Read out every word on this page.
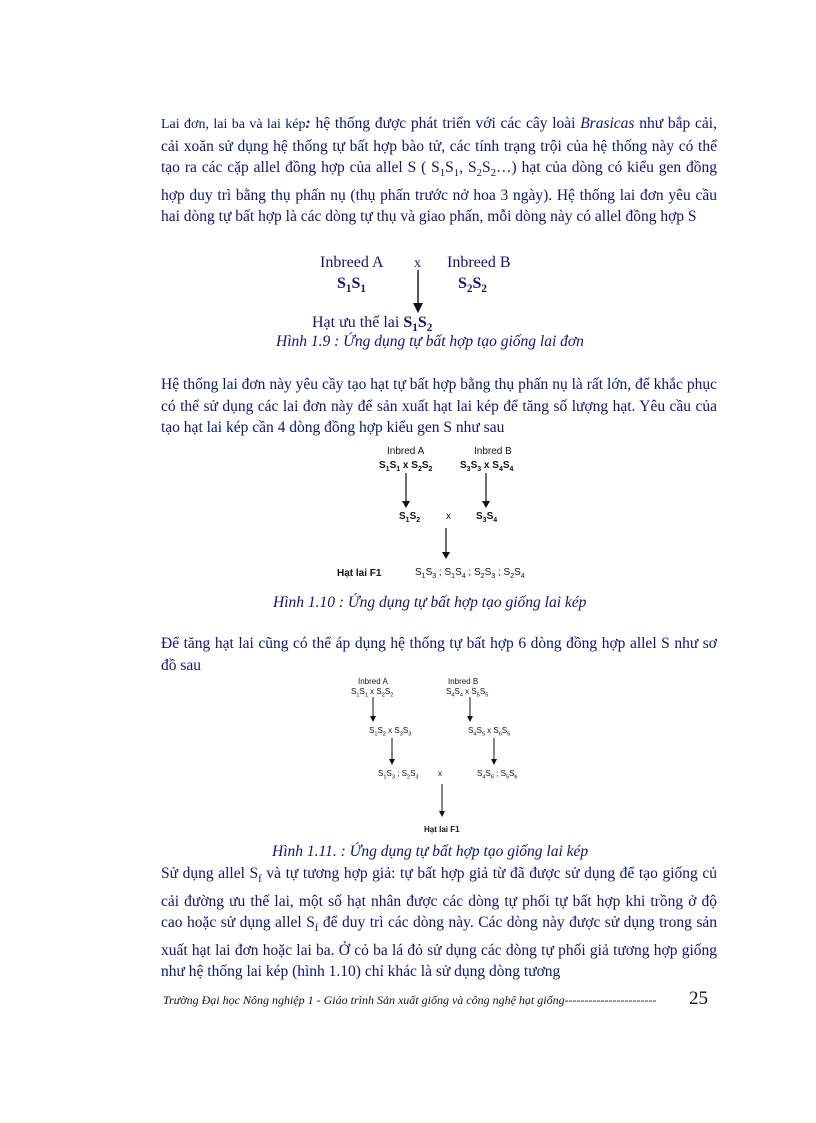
Lai đơn, lai ba và lai kép: hệ thống được phát triển với các cây loài Brasicas như bắp cải, cải xoăn sử dụng hệ thống tự bất hợp bào tử, các tính trạng trội của hệ thống này có thể tạo ra các cặp allel đồng hợp của allel S ( $S_1S_1$, $S_2S_2\dots$) hạt của dòng có kiểu gen đồng hợp duy trì bằng thụ phấn nụ (thụ phấn trước nở hoa 3 ngày). Hệ thống lai đơn yêu cầu hai dòng tự bất hợp là các dòng tự thụ và giao phấn, mỗi dòng này có allel đồng hợp S
Inbreed A x Inbreed B
$S_1S_1$	$S_2S_2$
Hạt ưu thế lai $S_1S_2$
Hình 1.9 : Ứng dụng tự bất hợp tạo giống lai đơn
Hệ thống lai đơn này yêu cầy tạo hạt tự bất hợp bằng thụ phấn nụ là rất lớn, để khắc phục có thể sử dụng các lai đơn này để sản xuất hạt lai kép để tăng số lượng hạt. Yêu cầu của tạo hạt lai kép cần 4 dòng đồng hợp kiểu gen S như sau
Inbred A	Inbred B
$S_1S_1$ x $S_2S_2$	$S_3S_3$ x $S_4S_4$
$S_1S_2$	x	$S_3S_4$
Hạt lai F1	$S_1S_3$ ; $S_1S_4$ ; $S_2S_3$ ; $S_2S_4$
Hình 1.10 : Ứng dụng tự bất hợp tạo giống lai kép
Để tăng hạt lai cũng có thể áp dụng hệ thống tự bất hợp 6 dòng đồng hợp allel S như sơ đồ sau
Inbred A	Inbred B
$S_1S_1$ x $S_2S_2$	$S_4S_4$ x $S_5S_5$
$S_1S_2$ x $S_3S_3$	$S_4S_5$ x $S_6S_6$
$S_1S_3$ ; $S_2S_3$ x	$S_4S_6$ ; $S_5S_6$
Hạt lai F1
Hình 1.11. : Ứng dụng tự bất hợp tạo giống lai kép
Sử dụng allel $S_f$ và tự tương hợp giả: tự bất hợp giả từ đã được sử dụng để tạo giống củ cải đường ưu thế lai, một số hạt nhân được các dòng tự phối tự bất hợp khi trồng ở độ cao hoặc sử dụng allel $S_f$ để duy trì các dòng này. Các dòng này được sử dụng trong sản xuất hạt lai đơn hoặc lai ba. Ở cỏ ba lá đỏ sử dụng các dòng tự phối giả tương hợp giống như hệ thống lai kép (hình 1.10) chỉ khác là sử dụng dòng tương
Trường Đại học Nông nghiệp 1 - Giáo trình Sản xuất giống và công nghệ hạt giống----------------------- 25
